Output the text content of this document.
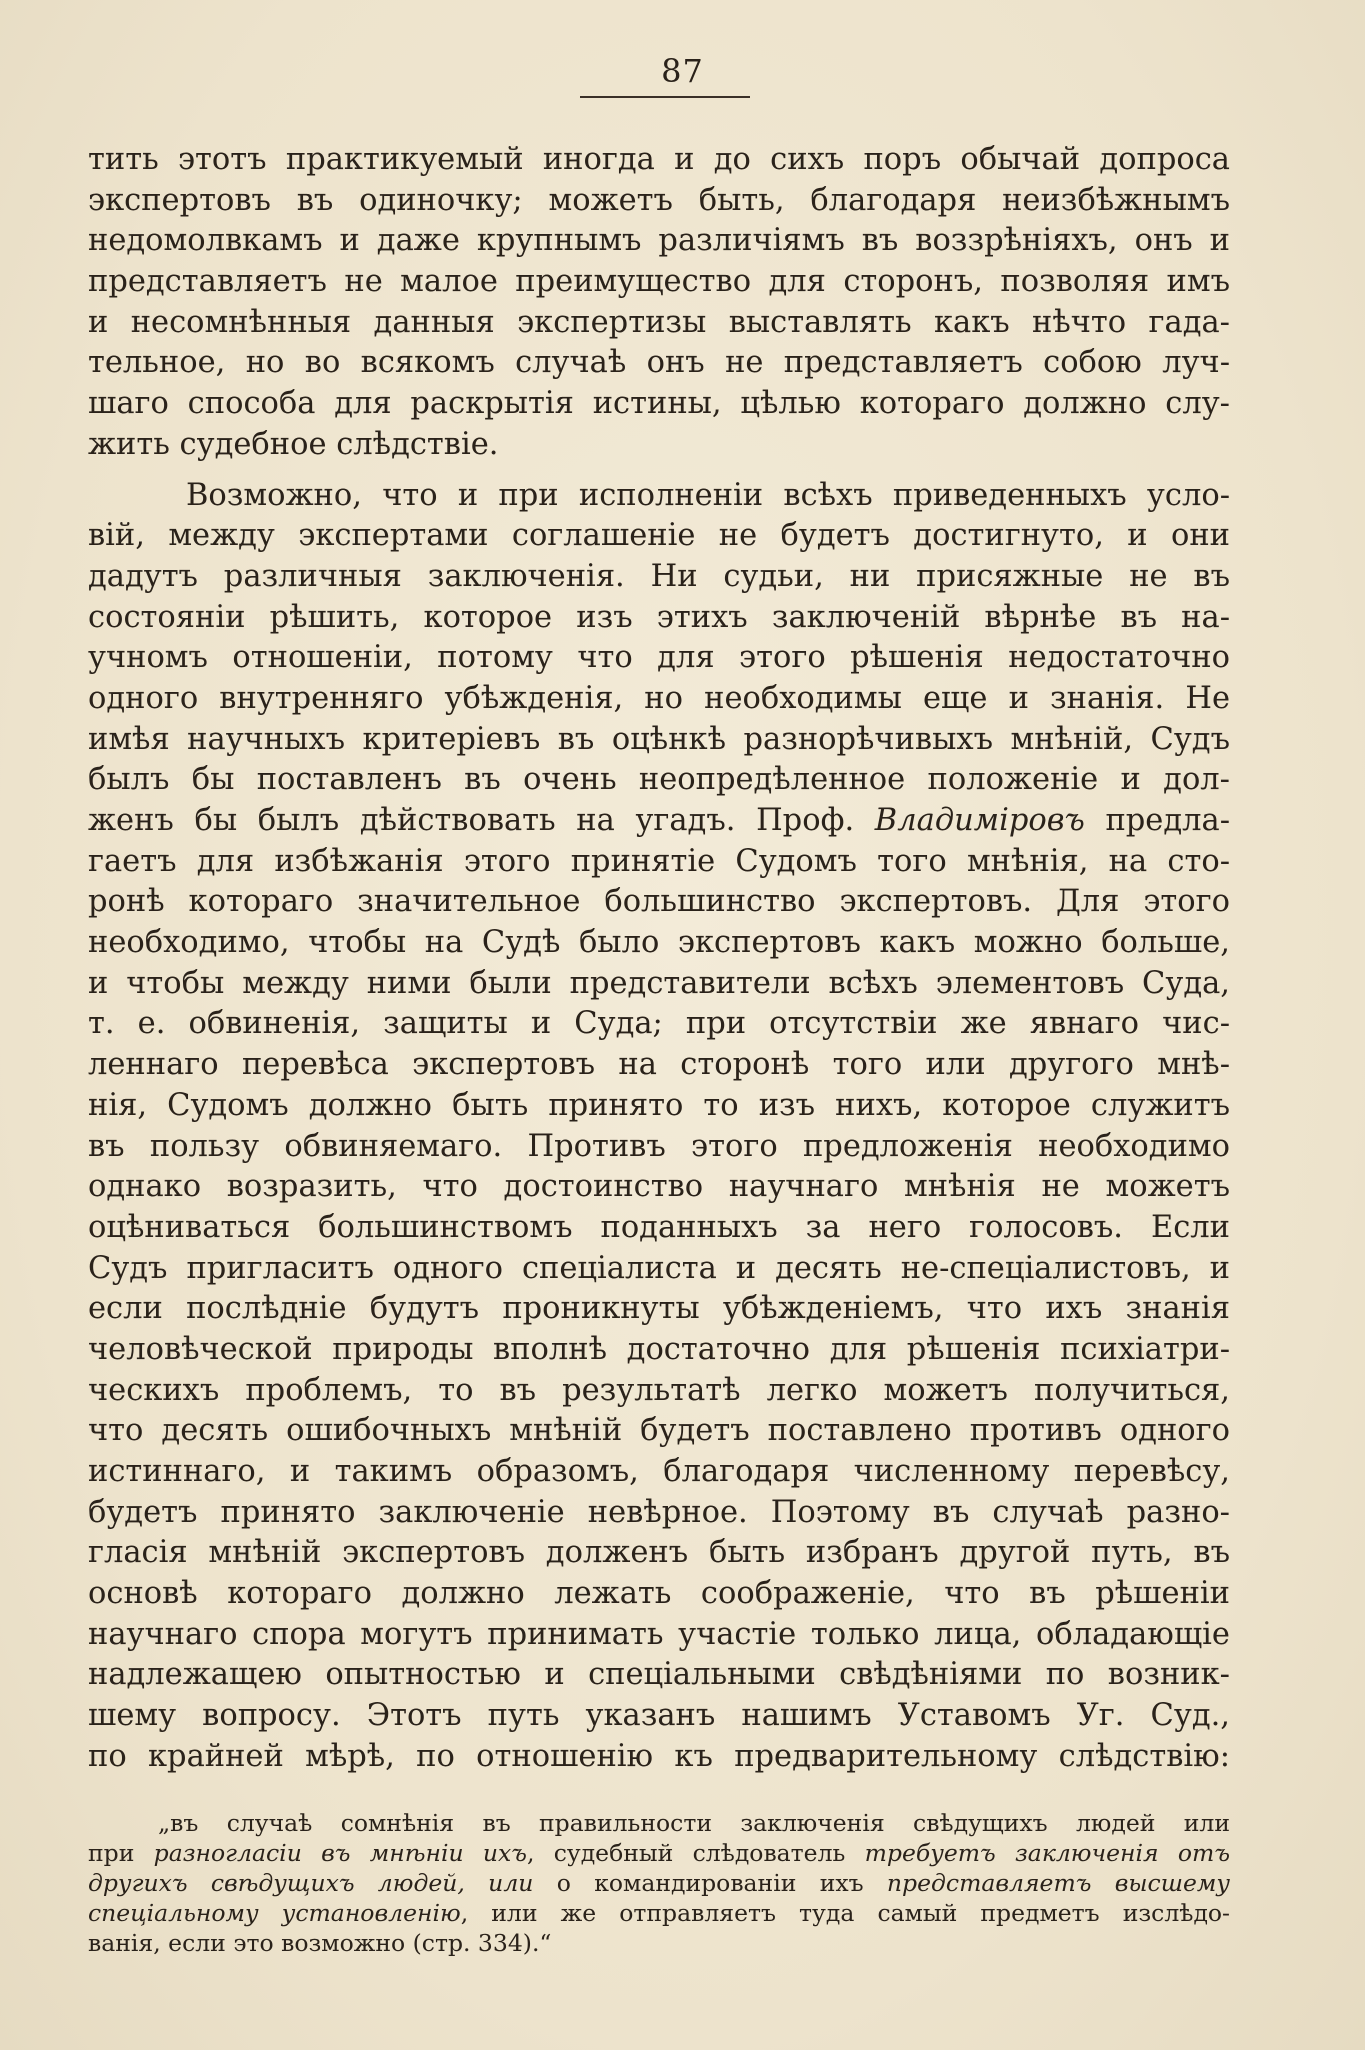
87
тить этотъ практикуемый иногда и до сихъ поръ обычай допроса
экспертовъ въ одиночку; можетъ быть, благодаря неизбѣжнымъ
недомолвкамъ и даже крупнымъ различіямъ въ воззрѣніяхъ, онъ и
представляетъ не малое преимущество для сторонъ, позволяя имъ
и несомнѣнныя данныя экспертизы выставлять какъ нѣчто гада-
тельное, но во всякомъ случаѣ онъ не представляетъ собою луч-
шаго способа для раскрытія истины, цѣлью котораго должно слу-
жить судебное слѣдствіе.
Возможно, что и при исполненіи всѣхъ приведенныхъ усло-
вій, между экспертами соглашеніе не будетъ достигнуто, и они
дадутъ различныя заключенія. Ни судьи, ни присяжные не въ
состояніи рѣшить, которое изъ этихъ заключеній вѣрнѣе въ на-
учномъ отношеніи, потому что для этого рѣшенія недостаточно
одного внутренняго убѣжденія, но необходимы еще и знанія. Не
имѣя научныхъ критеріевъ въ оцѣнкѣ разнорѣчивыхъ мнѣній, Судъ
былъ бы поставленъ въ очень неопредѣленное положеніе и дол-
женъ бы былъ дѣйствовать на угадъ. Проф. Владиміровъ предла-
гаетъ для избѣжанія этого принятіе Судомъ того мнѣнія, на сто-
ронѣ котораго значительное большинство экспертовъ. Для этого
необходимо, чтобы на Судѣ было экспертовъ какъ можно больше,
и чтобы между ними были представители всѣхъ элементовъ Суда,
т. е. обвиненія, защиты и Суда; при отсутствіи же явнаго чис-
леннаго перевѣса экспертовъ на сторонѣ того или другого мнѣ-
нія, Судомъ должно быть принято то изъ нихъ, которое служитъ
въ пользу обвиняемаго. Противъ этого предложенія необходимо
однако возразить, что достоинство научнаго мнѣнія не можетъ
оцѣниваться большинствомъ поданныхъ за него голосовъ. Если
Судъ пригласитъ одного спеціалиста и десять не-спеціалистовъ, и
если послѣдніе будутъ проникнуты убѣжденіемъ, что ихъ знанія
человѣческой природы вполнѣ достаточно для рѣшенія психіатри-
ческихъ проблемъ, то въ результатѣ легко можетъ получиться,
что десять ошибочныхъ мнѣній будетъ поставлено противъ одного
истиннаго, и такимъ образомъ, благодаря численному перевѣсу,
будетъ принято заключеніе невѣрное. Поэтому въ случаѣ разно-
гласія мнѣній экспертовъ долженъ быть избранъ другой путь, въ
основѣ котораго должно лежать соображеніе, что въ рѣшеніи
научнаго спора могутъ принимать участіе только лица, обладающіе
надлежащею опытностью и спеціальными свѣдѣніями по возник-
шему вопросу. Этотъ путь указанъ нашимъ Уставомъ Уг. Суд.,
по крайней мѣрѣ, по отношенію къ предварительному слѣдствію:
„въ случаѣ сомнѣнія въ правильности заключенія свѣдущихъ людей или
при разногласіи въ мнѣніи ихъ, судебный слѣдователь требуетъ заключенія отъ
другихъ свѣдущихъ людей, или о командированіи ихъ представляетъ высшему
спеціальному установленію, или же отправляетъ туда самый предметъ изслѣдо-
ванія, если это возможно (стр. 334).“
